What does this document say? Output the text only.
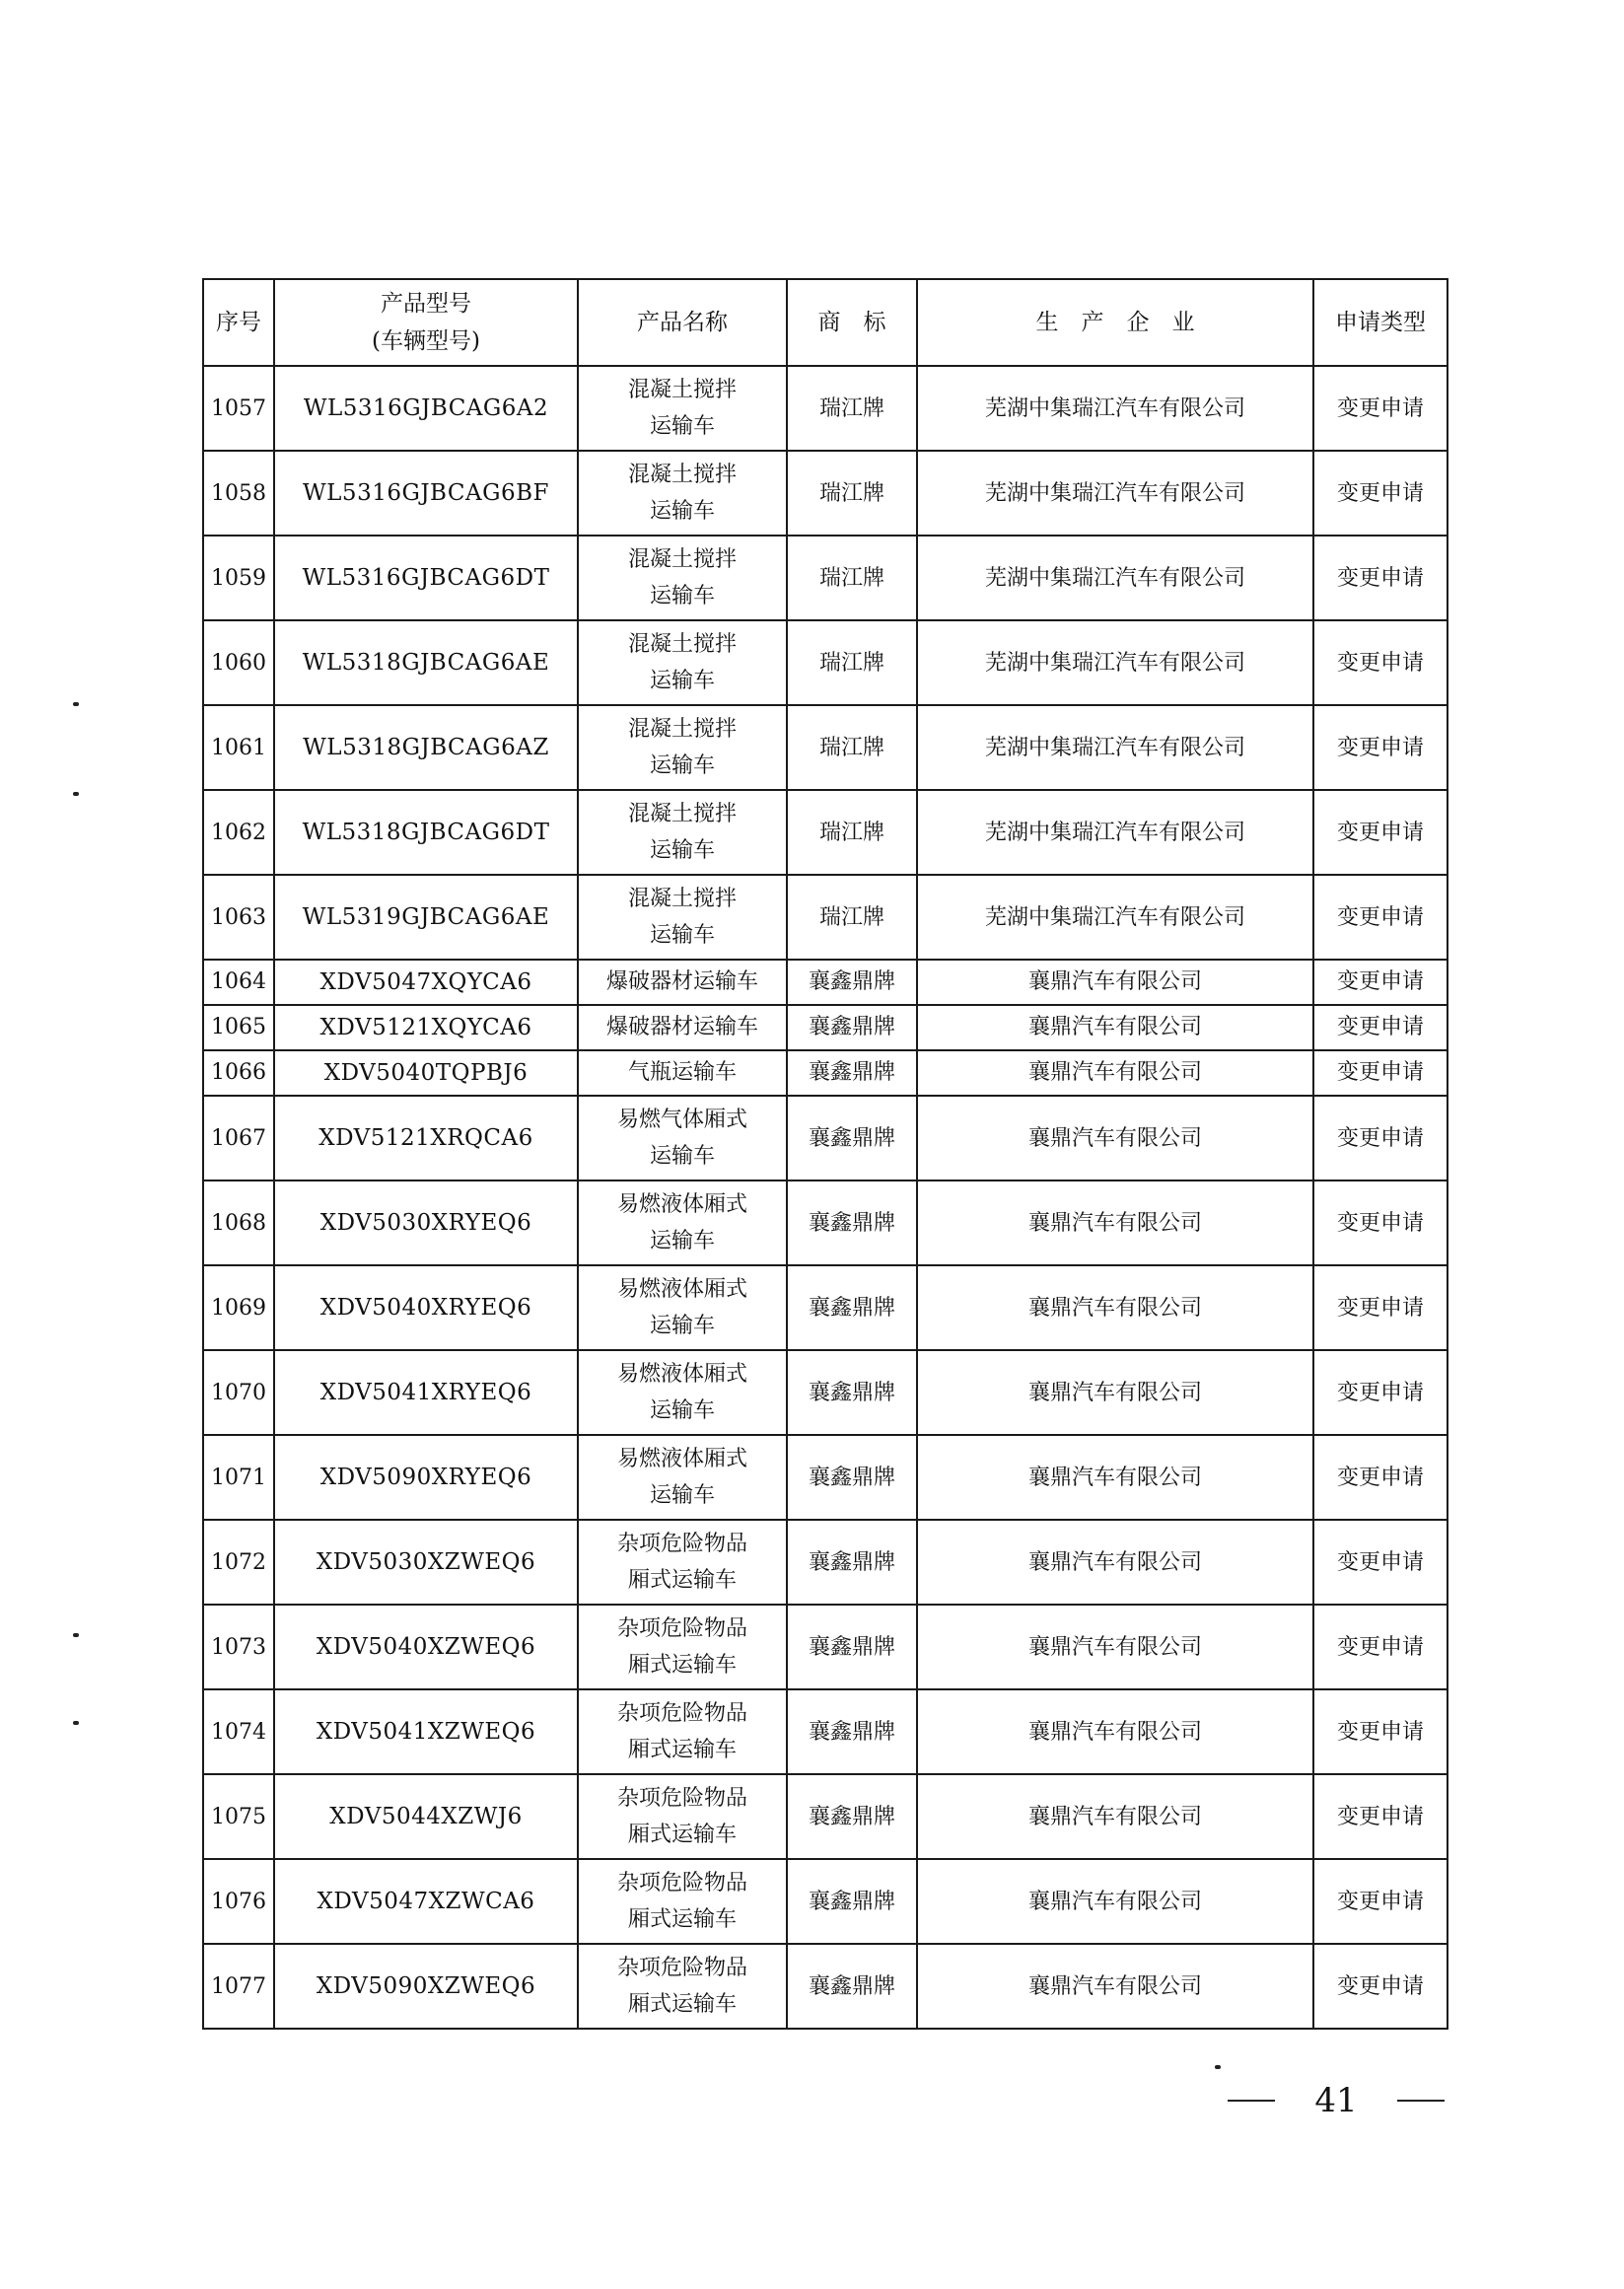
序号	产品型号
(车辆型号)	产品名称	商　标	生　产　企　业	申请类型
1057	WL5316GJBCAG6A2	混凝土搅拌
运输车	瑞江牌	芜湖中集瑞江汽车有限公司	变更申请
1058	WL5316GJBCAG6BF	混凝土搅拌
运输车	瑞江牌	芜湖中集瑞江汽车有限公司	变更申请
1059	WL5316GJBCAG6DT	混凝土搅拌
运输车	瑞江牌	芜湖中集瑞江汽车有限公司	变更申请
1060	WL5318GJBCAG6AE	混凝土搅拌
运输车	瑞江牌	芜湖中集瑞江汽车有限公司	变更申请
1061	WL5318GJBCAG6AZ	混凝土搅拌
运输车	瑞江牌	芜湖中集瑞江汽车有限公司	变更申请
1062	WL5318GJBCAG6DT	混凝土搅拌
运输车	瑞江牌	芜湖中集瑞江汽车有限公司	变更申请
1063	WL5319GJBCAG6AE	混凝土搅拌
运输车	瑞江牌	芜湖中集瑞江汽车有限公司	变更申请
1064	XDV5047XQYCA6	爆破器材运输车	襄鑫鼎牌	襄鼎汽车有限公司	变更申请
1065	XDV5121XQYCA6	爆破器材运输车	襄鑫鼎牌	襄鼎汽车有限公司	变更申请
1066	XDV5040TQPBJ6	气瓶运输车	襄鑫鼎牌	襄鼎汽车有限公司	变更申请
1067	XDV5121XRQCA6	易燃气体厢式
运输车	襄鑫鼎牌	襄鼎汽车有限公司	变更申请
1068	XDV5030XRYEQ6	易燃液体厢式
运输车	襄鑫鼎牌	襄鼎汽车有限公司	变更申请
1069	XDV5040XRYEQ6	易燃液体厢式
运输车	襄鑫鼎牌	襄鼎汽车有限公司	变更申请
1070	XDV5041XRYEQ6	易燃液体厢式
运输车	襄鑫鼎牌	襄鼎汽车有限公司	变更申请
1071	XDV5090XRYEQ6	易燃液体厢式
运输车	襄鑫鼎牌	襄鼎汽车有限公司	变更申请
1072	XDV5030XZWEQ6	杂项危险物品
厢式运输车	襄鑫鼎牌	襄鼎汽车有限公司	变更申请
1073	XDV5040XZWEQ6	杂项危险物品
厢式运输车	襄鑫鼎牌	襄鼎汽车有限公司	变更申请
1074	XDV5041XZWEQ6	杂项危险物品
厢式运输车	襄鑫鼎牌	襄鼎汽车有限公司	变更申请
1075	XDV5044XZWJ6	杂项危险物品
厢式运输车	襄鑫鼎牌	襄鼎汽车有限公司	变更申请
1076	XDV5047XZWCA6	杂项危险物品
厢式运输车	襄鑫鼎牌	襄鼎汽车有限公司	变更申请
1077	XDV5090XZWEQ6	杂项危险物品
厢式运输车	襄鑫鼎牌	襄鼎汽车有限公司	变更申请
41
